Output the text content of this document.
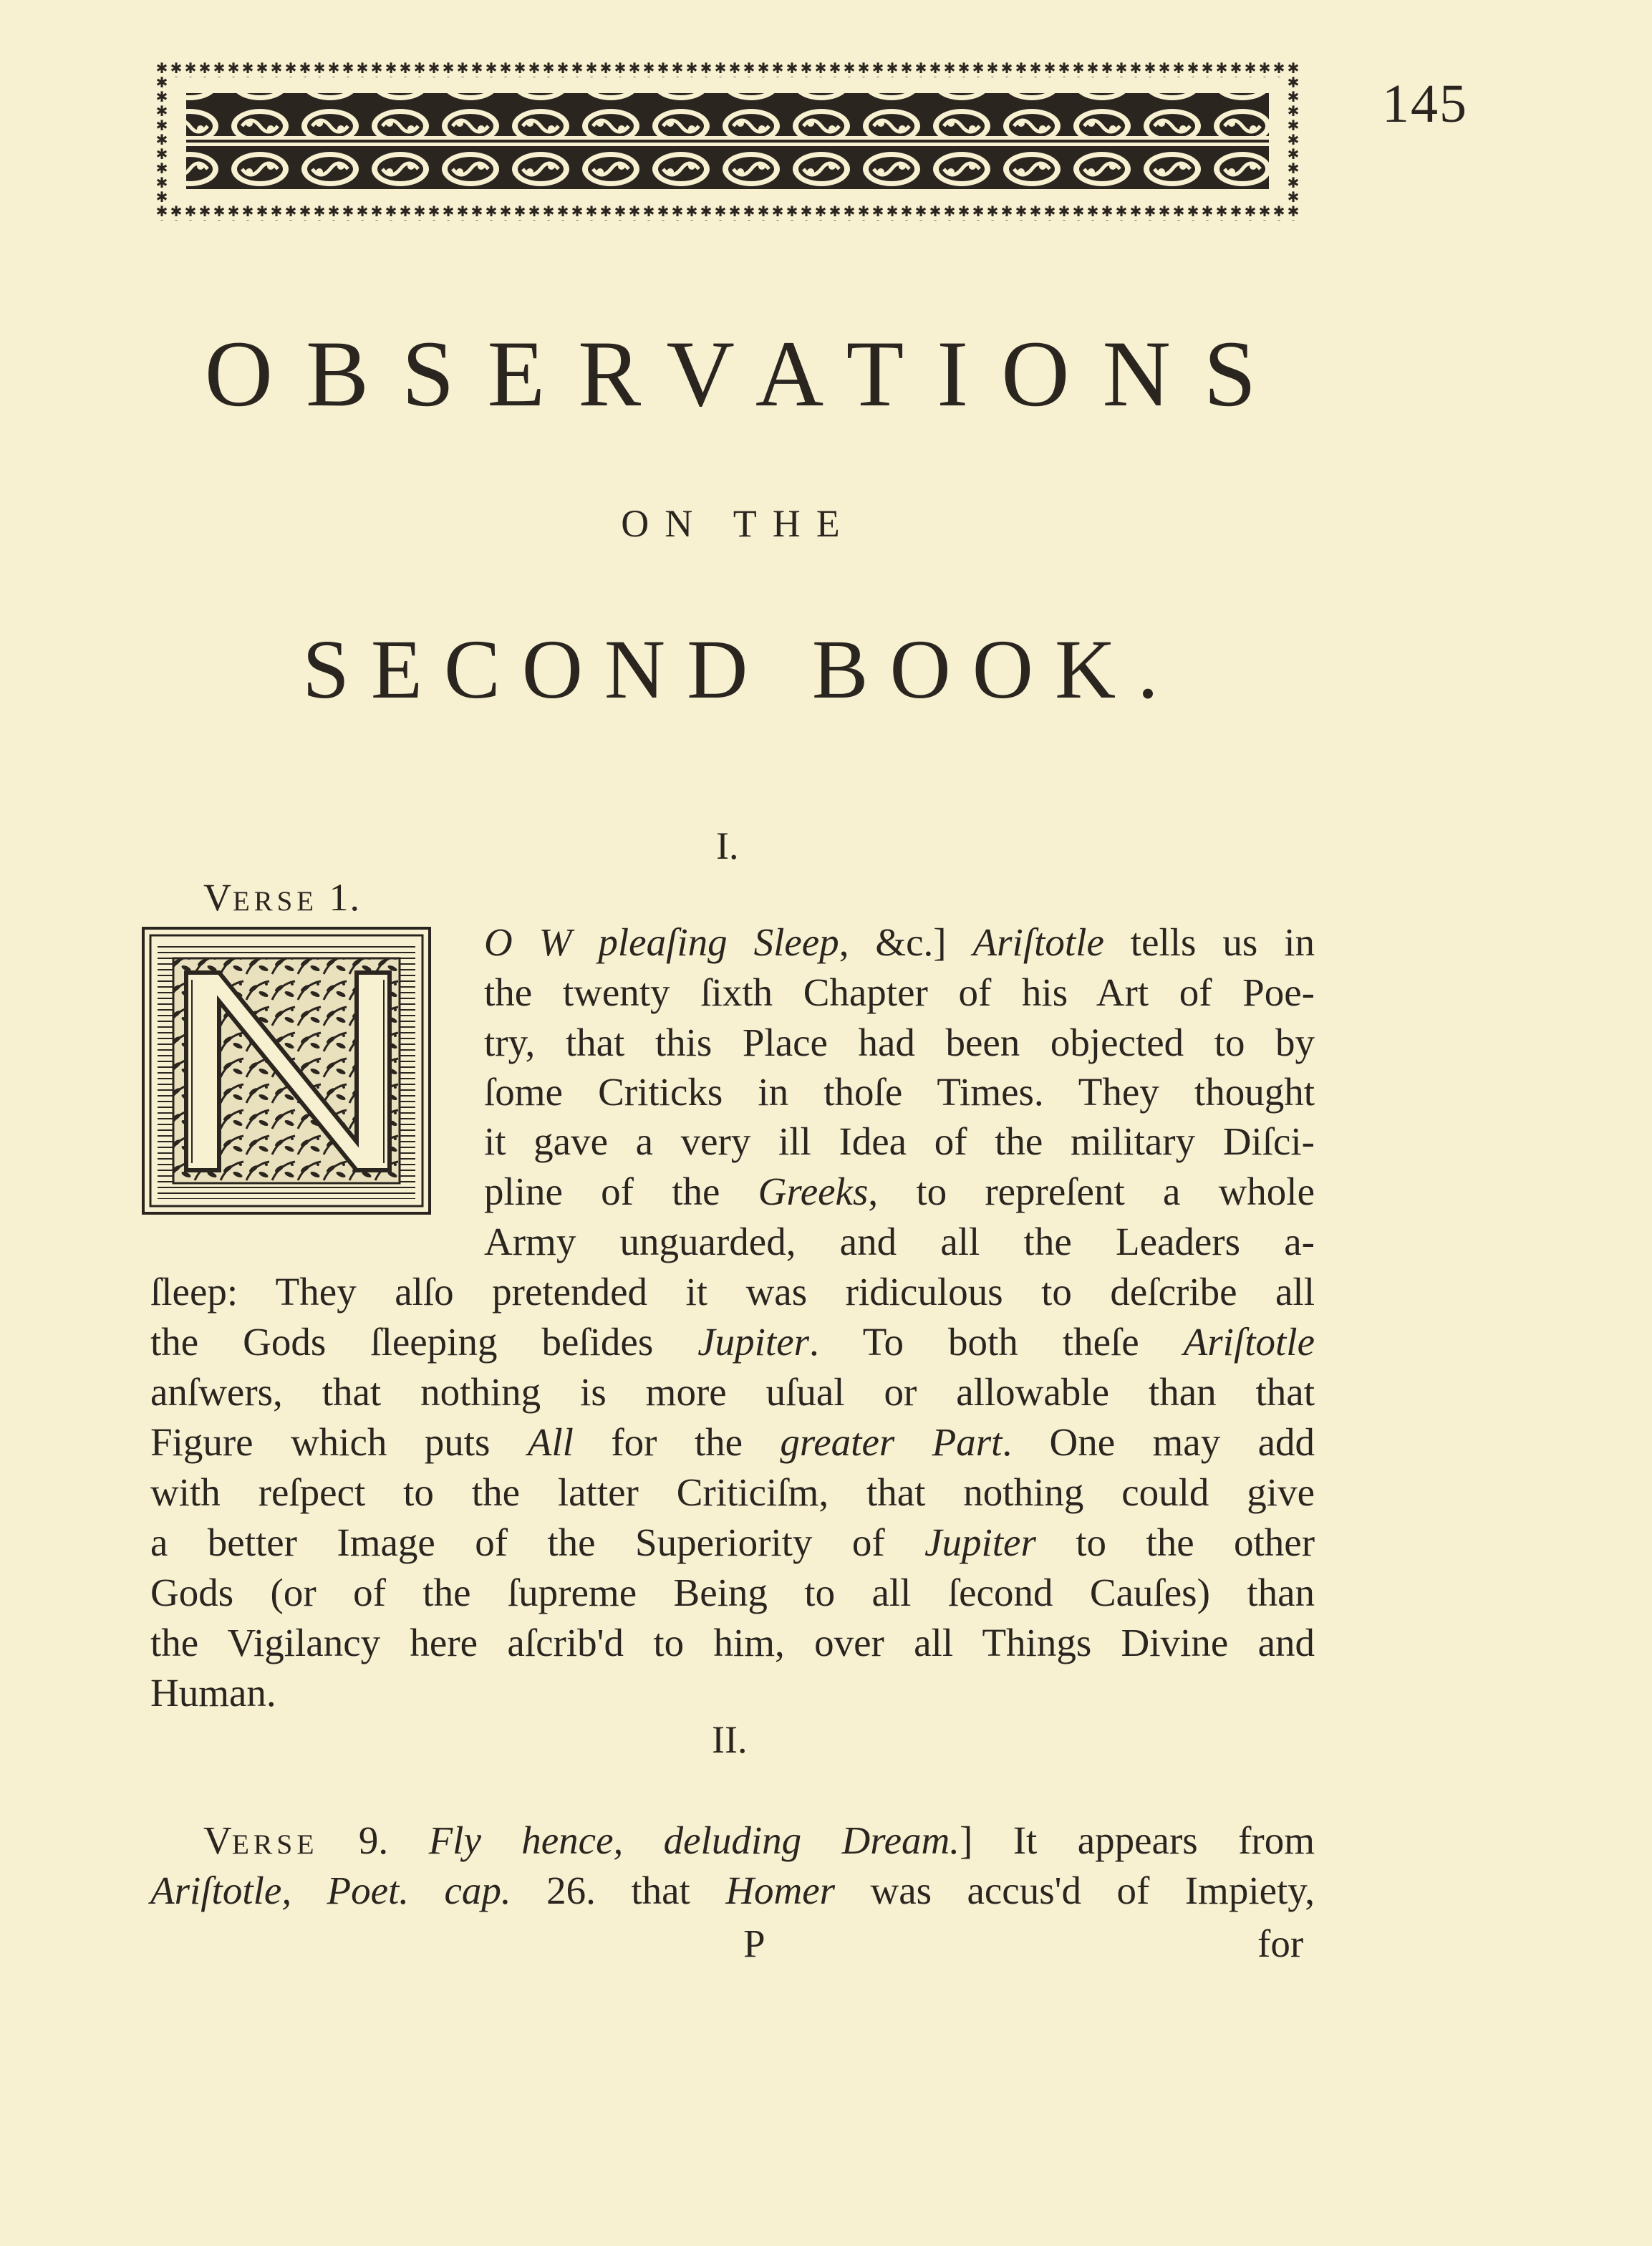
145
OBSERVATIONS
ON THE
SECOND BOOK.
I.
VERSE 1.
O W pleaſing Sleep, &c.] Ariſtotle tells us in
the twenty ſixth Chapter of his Art of Poe-
try, that this Place had been objected to by
ſome Criticks in thoſe Times. They thought
it gave a very ill Idea of the military Diſci-
pline of the Greeks, to repreſent a whole
Army unguarded, and all the Leaders a-
ſleep: They alſo pretended it was ridiculous to deſcribe all
the Gods ſleeping beſides Jupiter. To both theſe Ariſtotle
anſwers, that nothing is more uſual or allowable than that
Figure which puts All for the greater Part. One may add
with reſpect to the latter Criticiſm, that nothing could give
a better Image of the Superiority of Jupiter to the other
Gods (or of the ſupreme Being to all ſecond Cauſes) than
the Vigilancy here aſcrib'd to him, over all Things Divine and
Human.
II.
VERSE 9. Fly hence, deluding Dream.] It appears from
Ariſtotle, Poet. cap. 26. that Homer was accus'd of Impiety,
P	for
